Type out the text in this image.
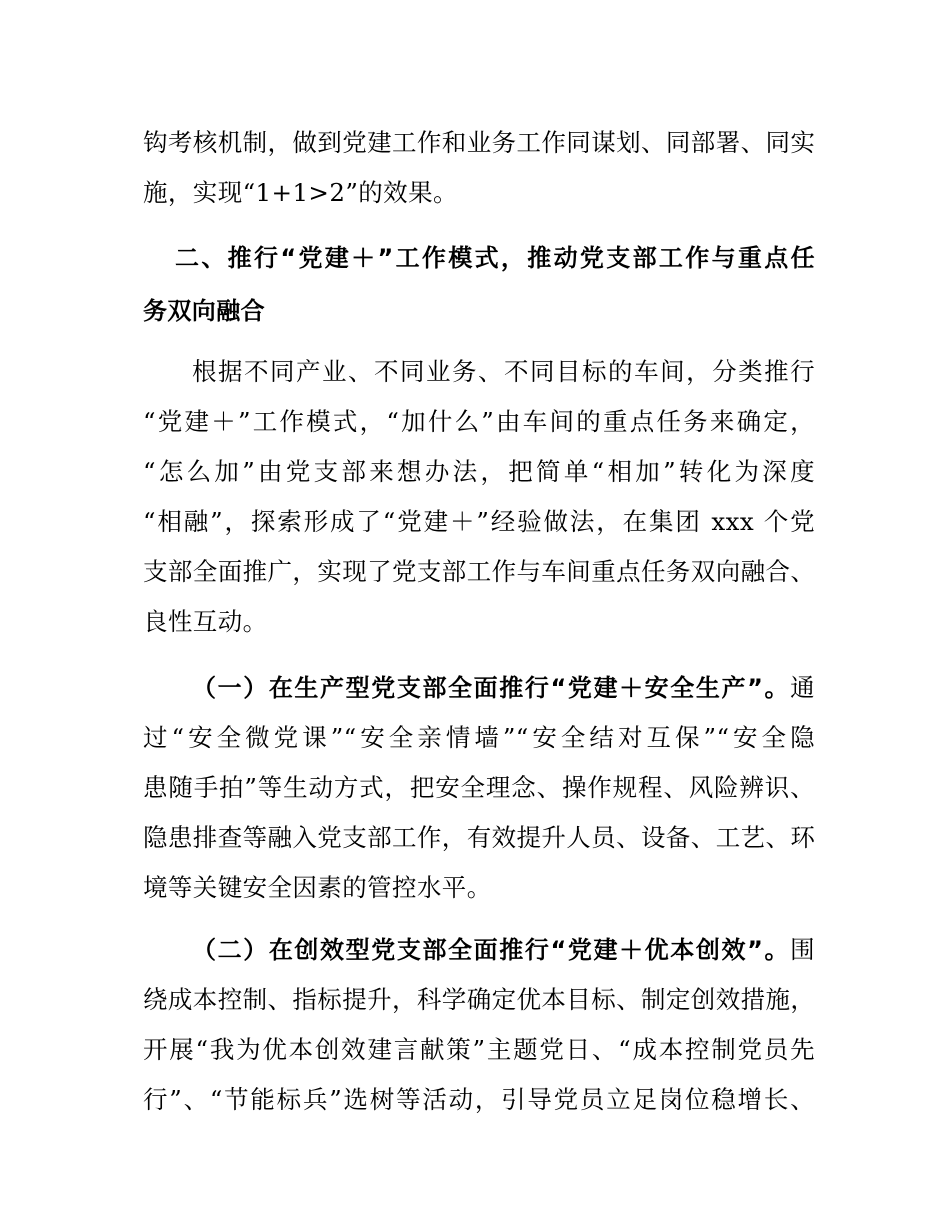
钩考核机制，做到党建工作和业务工作同谋划、同部署、同实
施，实现“1+1>2”的效果。
二、推行“党建＋”工作模式，推动党支部工作与重点任
务双向融合
根据不同产业、不同业务、不同目标的车间，分类推行
“党建＋”工作模式，“加什么”由车间的重点任务来确定，
“怎么加”由党支部来想办法，把简单“相加”转化为深度
“相融”，探索形成了“党建＋”经验做法，在集团 xxx 个党
支部全面推广，实现了党支部工作与车间重点任务双向融合、
良性互动。
（一）在生产型党支部全面推行“党建＋安全生产”。通
过“安全微党课”“安全亲情墙”“安全结对互保”“安全隐
患随手拍”等生动方式，把安全理念、操作规程、风险辨识、
隐患排查等融入党支部工作，有效提升人员、设备、工艺、环
境等关键安全因素的管控水平。
（二）在创效型党支部全面推行“党建＋优本创效”。围
绕成本控制、指标提升，科学确定优本目标、制定创效措施，
开展“我为优本创效建言献策”主题党日、“成本控制党员先
行”、“节能标兵”选树等活动，引导党员立足岗位稳增长、
